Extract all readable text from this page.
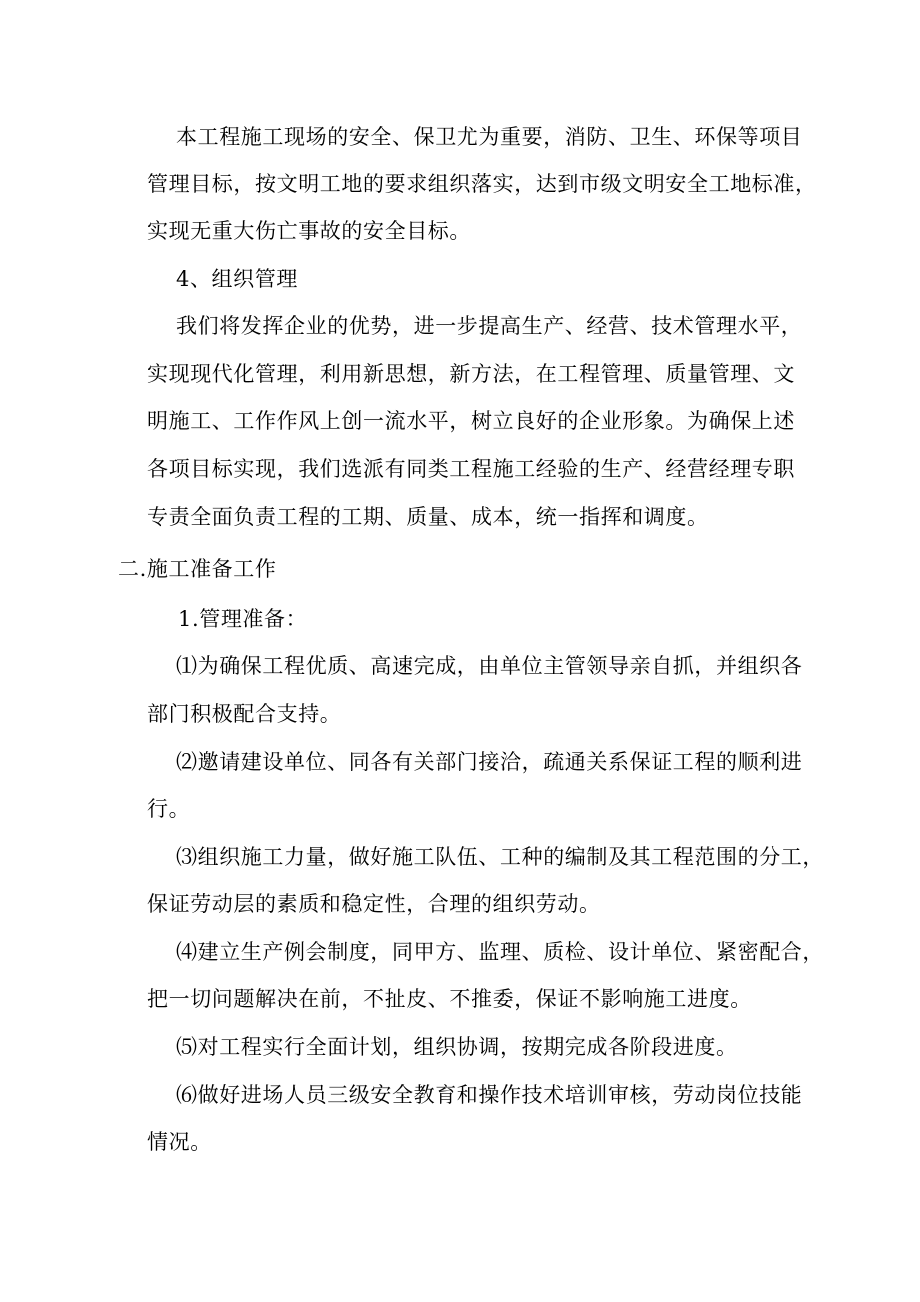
本工程施工现场的安全、保卫尤为重要，消防、卫生、环保等项目
管理目标，按文明工地的要求组织落实，达到市级文明安全工地标准，
实现无重大伤亡事故的安全目标。
4、组织管理
我们将发挥企业的优势，进一步提高生产、经营、技术管理水平，
实现现代化管理，利用新思想，新方法，在工程管理、质量管理、文
明施工、工作作风上创一流水平，树立良好的企业形象。为确保上述
各项目标实现，我们选派有同类工程施工经验的生产、经营经理专职
专责全面负责工程的工期、质量、成本，统一指挥和调度。
二.施工准备工作
1.管理准备：
⑴为确保工程优质、高速完成，由单位主管领导亲自抓，并组织各
部门积极配合支持。
⑵邀请建设单位、同各有关部门接洽，疏通关系保证工程的顺利进
行。
⑶组织施工力量，做好施工队伍、工种的编制及其工程范围的分工，
保证劳动层的素质和稳定性，合理的组织劳动。
⑷建立生产例会制度，同甲方、监理、质检、设计单位、紧密配合，
把一切问题解决在前，不扯皮、不推委，保证不影响施工进度。
⑸对工程实行全面计划，组织协调，按期完成各阶段进度。
⑹做好进场人员三级安全教育和操作技术培训审核，劳动岗位技能
情况。
